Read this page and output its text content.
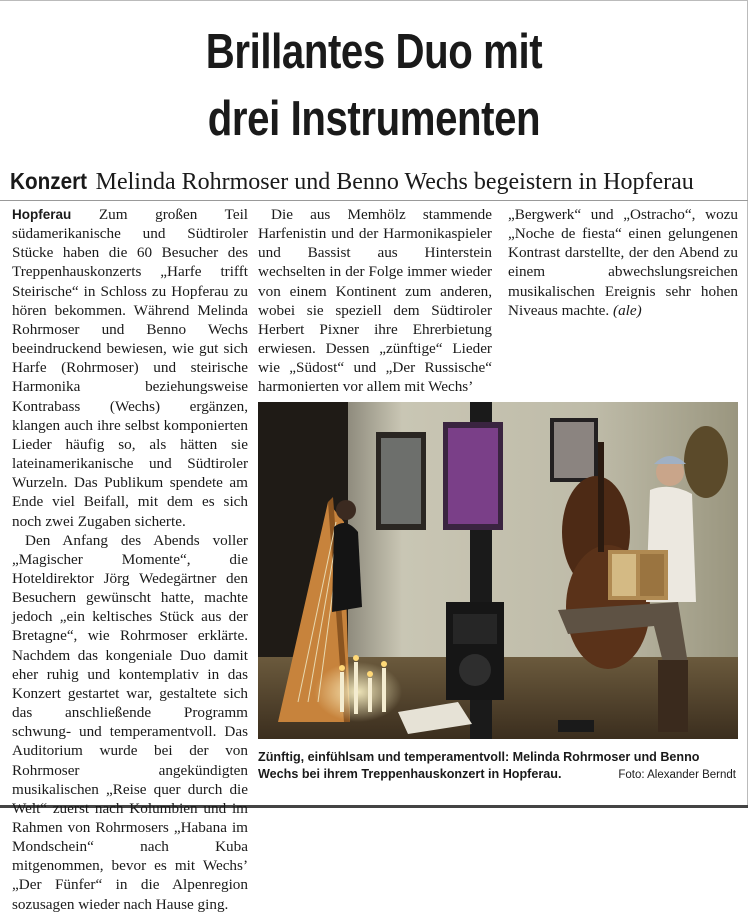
Brillantes Duo mit
drei Instrumenten
Konzert Melinda Rohrmoser und Benno Wechs begeistern in Hopferau

Hopferau Zum großen Teil südamerikanische und Südtiroler Stücke haben die 60 Besucher des Treppenhauskonzerts „Harfe trifft Steirische“ in Schloss zu Hopferau zu hören bekommen. Während Melinda Rohrmoser und Benno Wechs beeindruckend bewiesen, wie gut sich Harfe (Rohrmoser) und steirische Harmonika beziehungsweise Kontrabass (Wechs) ergänzen, klangen auch ihre selbst komponierten Lieder häufig so, als hätten sie lateinamerikanische und Südtiroler Wurzeln. Das Publikum spendete am Ende viel Beifall, mit dem es sich noch zwei Zugaben sicherte.

Den Anfang des Abends voller „Magischer Momente“, die Hoteldirektor Jörg Wedegärtner den Besuchern gewünscht hatte, machte jedoch „ein keltisches Stück aus der Bretagne“, wie Rohrmoser erklärte. Nachdem das kongeniale Duo damit eher ruhig und kontemplativ in das Konzert gestartet war, gestaltete sich das anschließende Programm schwung- und temperamentvoll. Das Auditorium wurde bei der von Rohrmoser angekündigten musikalischen „Reise quer durch die Welt“ zuerst nach Kolumbien und im Rahmen von Rohrmosers „Habana im Mondschein“ nach Kuba mitgenommen, bevor es mit Wechs’ „Der Fünfer“ in die Alpenregion sozusagen wieder nach Hause ging.

Die aus Memhölz stammende Harfenistin und der Harmonikaspieler und Bassist aus Hinterstein wechselten in der Folge immer wieder von einem Kontinent zum anderen, wobei sie speziell dem Südtiroler Herbert Pixner ihre Ehrerbietung erwiesen. Dessen „zünftige“ Lieder wie „Südost“ und „Der Russische“ harmonierten vor allem mit Wechs’

„Bergwerk“ und „Ostracho“, wozu „Noche de fiesta“ einen gelungenen Kontrast darstellte, der den Abend zu einem abwechslungsreichen musikalischen Ereignis sehr hohen Niveaus machte. (ale)

Zünftig, einfühlsam und temperamentvoll: Melinda Rohrmoser und Benno Wechs bei ihrem Treppenhauskonzert in Hopferau.	Foto: Alexander Berndt
